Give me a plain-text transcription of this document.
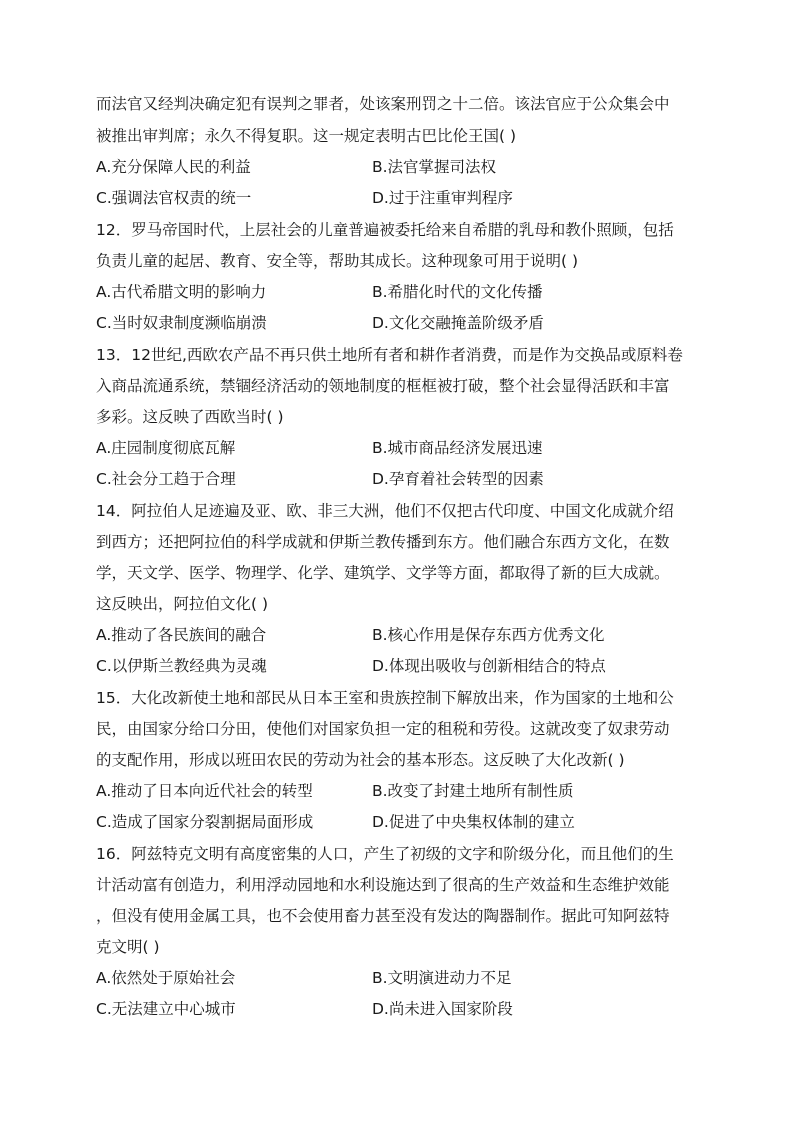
而法官又经判决确定犯有误判之罪者，处该案刑罚之十二倍。该法官应于公众集会中
被推出审判席；永久不得复职。这一规定表明古巴比伦王国( )
A.充分保障人民的利益	B.法官掌握司法权
C.强调法官权责的统一	D.过于注重审判程序
12．罗马帝国时代，上层社会的儿童普遍被委托给来自希腊的乳母和教仆照顾，包括
负责儿童的起居、教育、安全等，帮助其成长。这种现象可用于说明( )
A.古代希腊文明的影响力	B.希腊化时代的文化传播
C.当时奴隶制度濒临崩溃	D.文化交融掩盖阶级矛盾
13．12世纪,西欧农产品不再只供土地所有者和耕作者消费，而是作为交换品或原料卷
入商品流通系统，禁锢经济活动的领地制度的框框被打破，整个社会显得活跃和丰富
多彩。这反映了西欧当时( )
A.庄园制度彻底瓦解	B.城市商品经济发展迅速
C.社会分工趋于合理	D.孕育着社会转型的因素
14．阿拉伯人足迹遍及亚、欧、非三大洲，他们不仅把古代印度、中国文化成就介绍
到西方；还把阿拉伯的科学成就和伊斯兰教传播到东方。他们融合东西方文化，在数
学，天文学、医学、物理学、化学、建筑学、文学等方面，都取得了新的巨大成就。
这反映出，阿拉伯文化( )
A.推动了各民族间的融合	B.核心作用是保存东西方优秀文化
C.以伊斯兰教经典为灵魂	D.体现出吸收与创新相结合的特点
15．大化改新使土地和部民从日本王室和贵族控制下解放出来，作为国家的土地和公
民，由国家分给口分田，使他们对国家负担一定的租税和劳役。这就改变了奴隶劳动
的支配作用，形成以班田农民的劳动为社会的基本形态。这反映了大化改新( )
A.推动了日本向近代社会的转型	B.改变了封建土地所有制性质
C.造成了国家分裂割据局面形成	D.促进了中央集权体制的建立
16．阿兹特克文明有高度密集的人口，产生了初级的文字和阶级分化，而且他们的生
计活动富有创造力，利用浮动园地和水利设施达到了很高的生产效益和生态维护效能
，但没有使用金属工具，也不会使用畜力甚至没有发达的陶器制作。据此可知阿兹特
克文明( )
A.依然处于原始社会	B.文明演进动力不足
C.无法建立中心城市	D.尚未进入国家阶段
